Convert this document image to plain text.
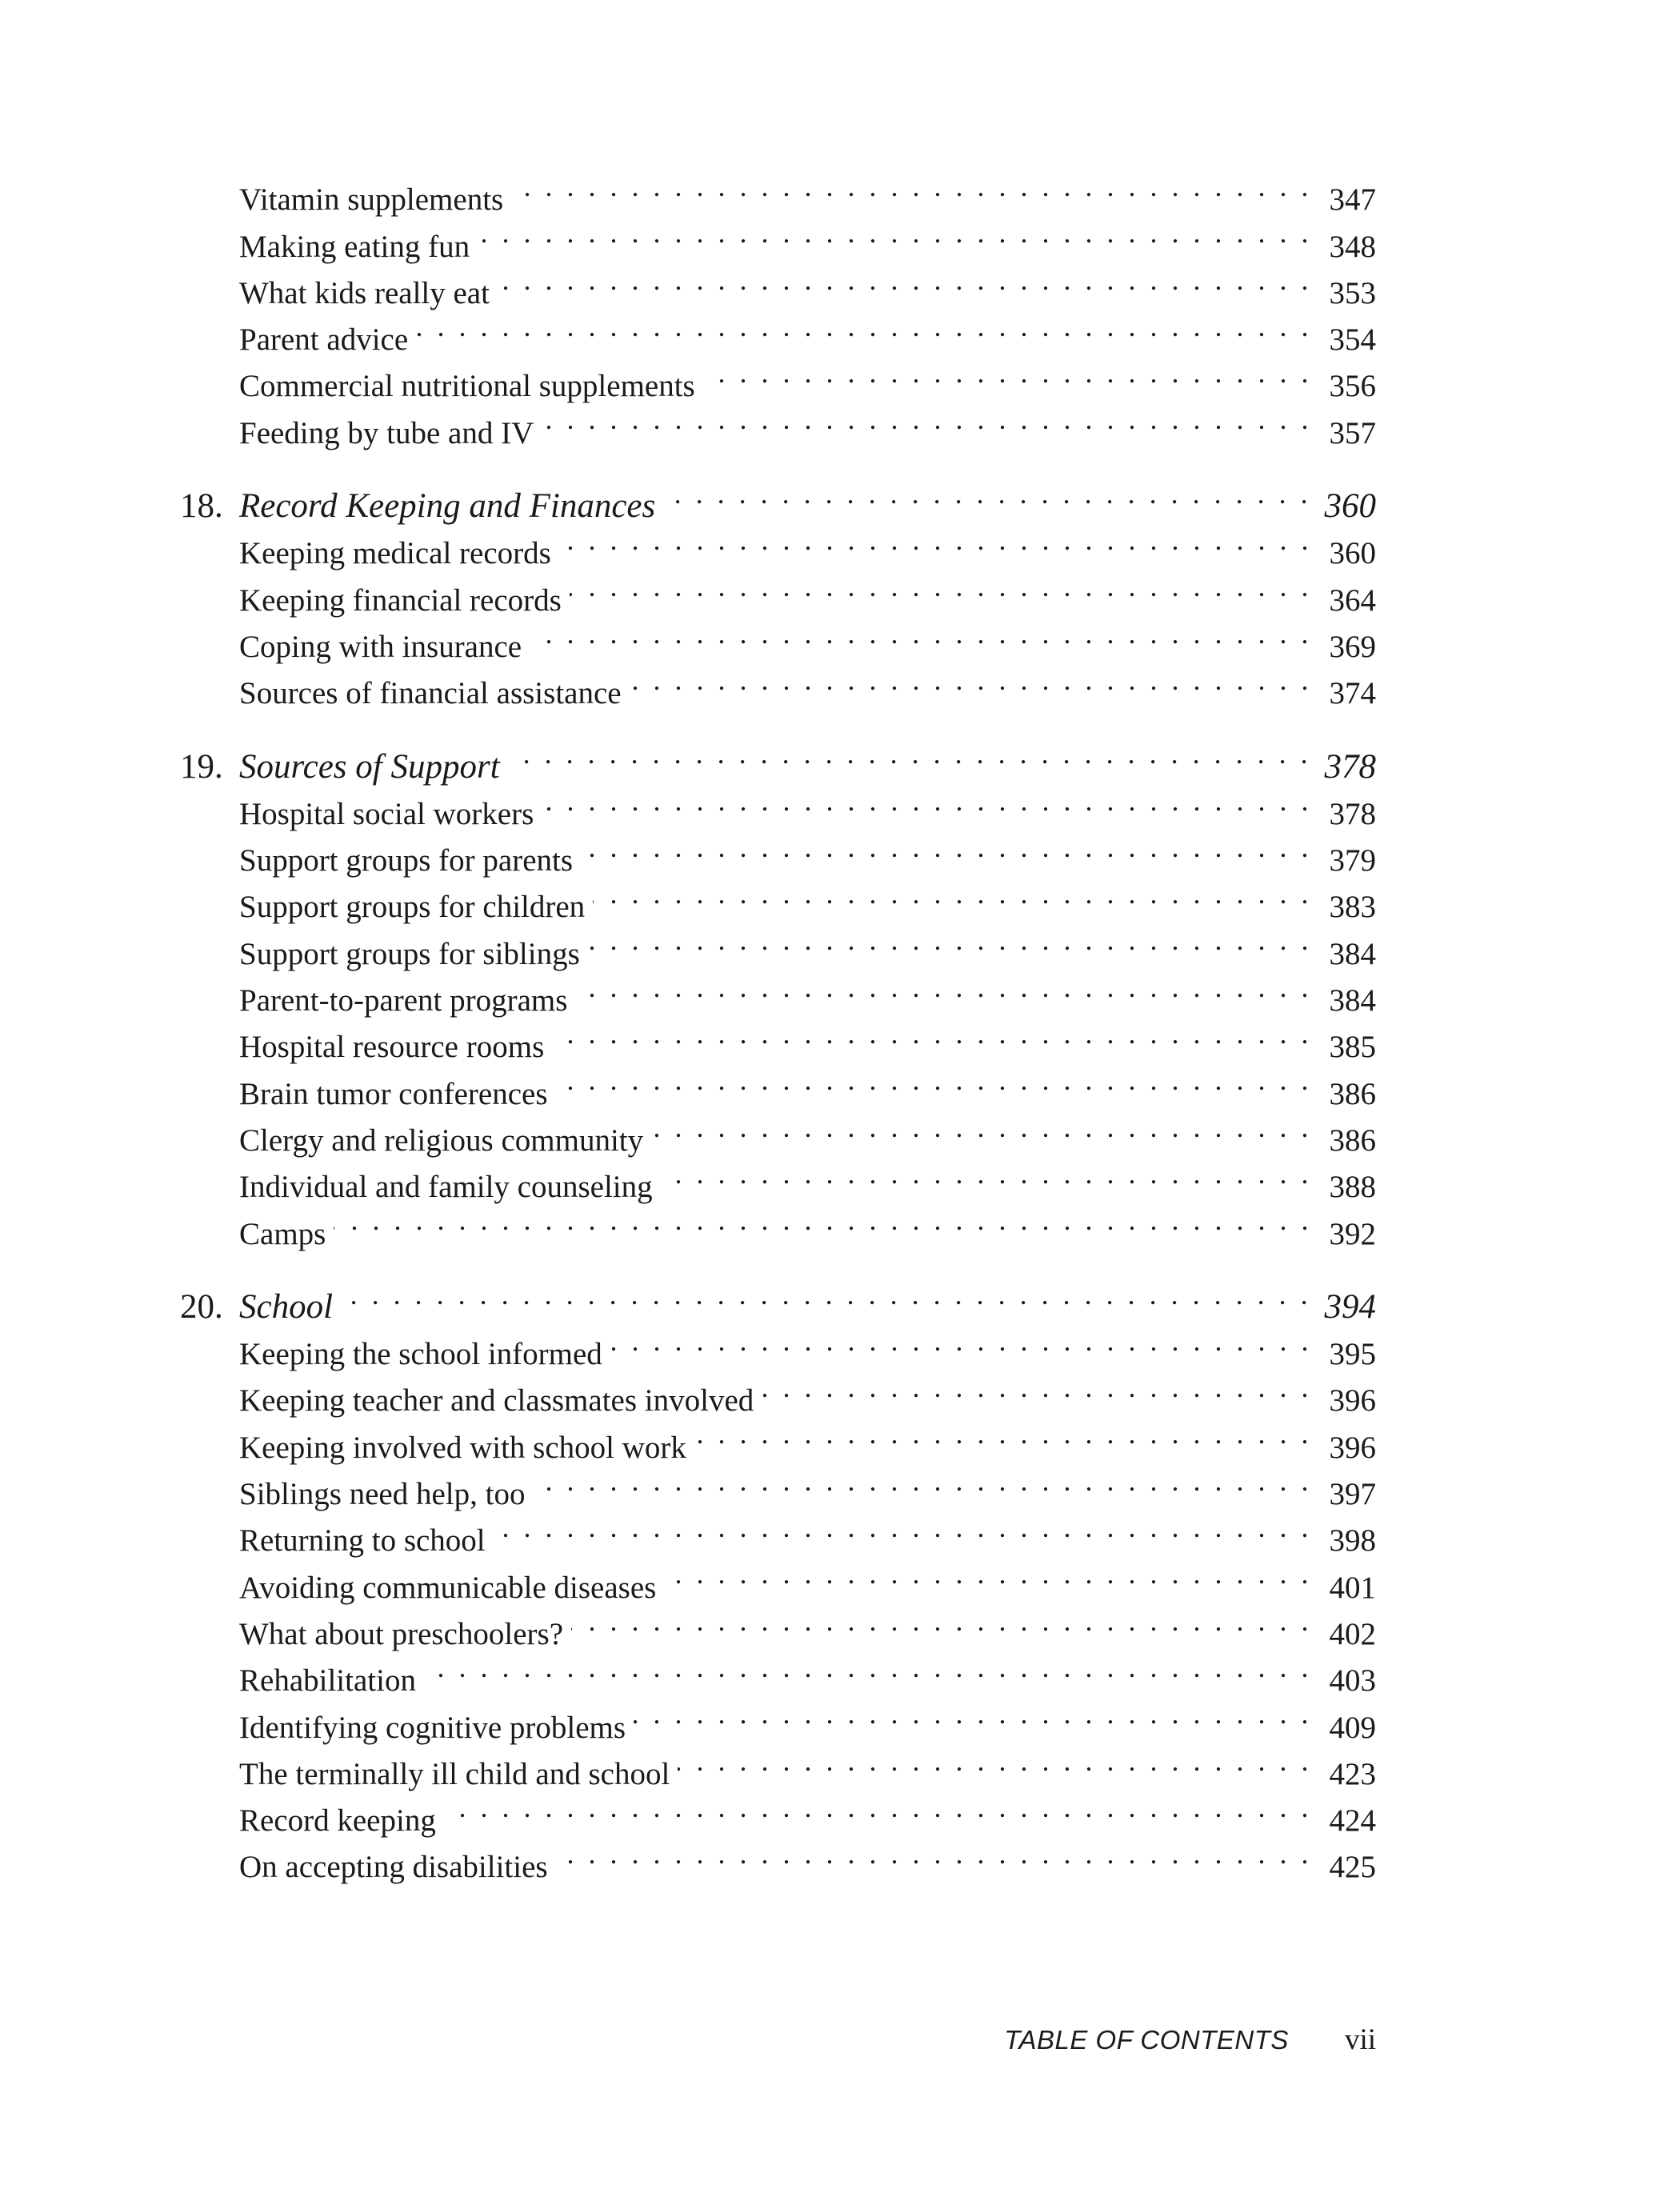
Vitamin supplements . . .	347
Making eating fun . . .	348
What kids really eat . . .	353
Parent advice . . .	354
Commercial nutritional supplements . . .	356
Feeding by tube and IV . . .	357
18. Record Keeping and Finances . . .	360
Keeping medical records . . .	360
Keeping financial records . . .	364
Coping with insurance . . .	369
Sources of financial assistance . . .	374
19. Sources of Support . . .	378
Hospital social workers . . .	378
Support groups for parents . . .	379
Support groups for children . . .	383
Support groups for siblings . . .	384
Parent-to-parent programs . . .	384
Hospital resource rooms . . .	385
Brain tumor conferences . . .	386
Clergy and religious community . . .	386
Individual and family counseling . . .	388
Camps . . .	392
20. School . . .	394
Keeping the school informed . . .	395
Keeping teacher and classmates involved . . .	396
Keeping involved with school work . . .	396
Siblings need help, too . . .	397
Returning to school . . .	398
Avoiding communicable diseases . . .	401
What about preschoolers? . . .	402
Rehabilitation . . .	403
Identifying cognitive problems . . .	409
The terminally ill child and school . . .	423
Record keeping . . .	424
On accepting disabilities . . .	425
TABLE OF CONTENTS vii
